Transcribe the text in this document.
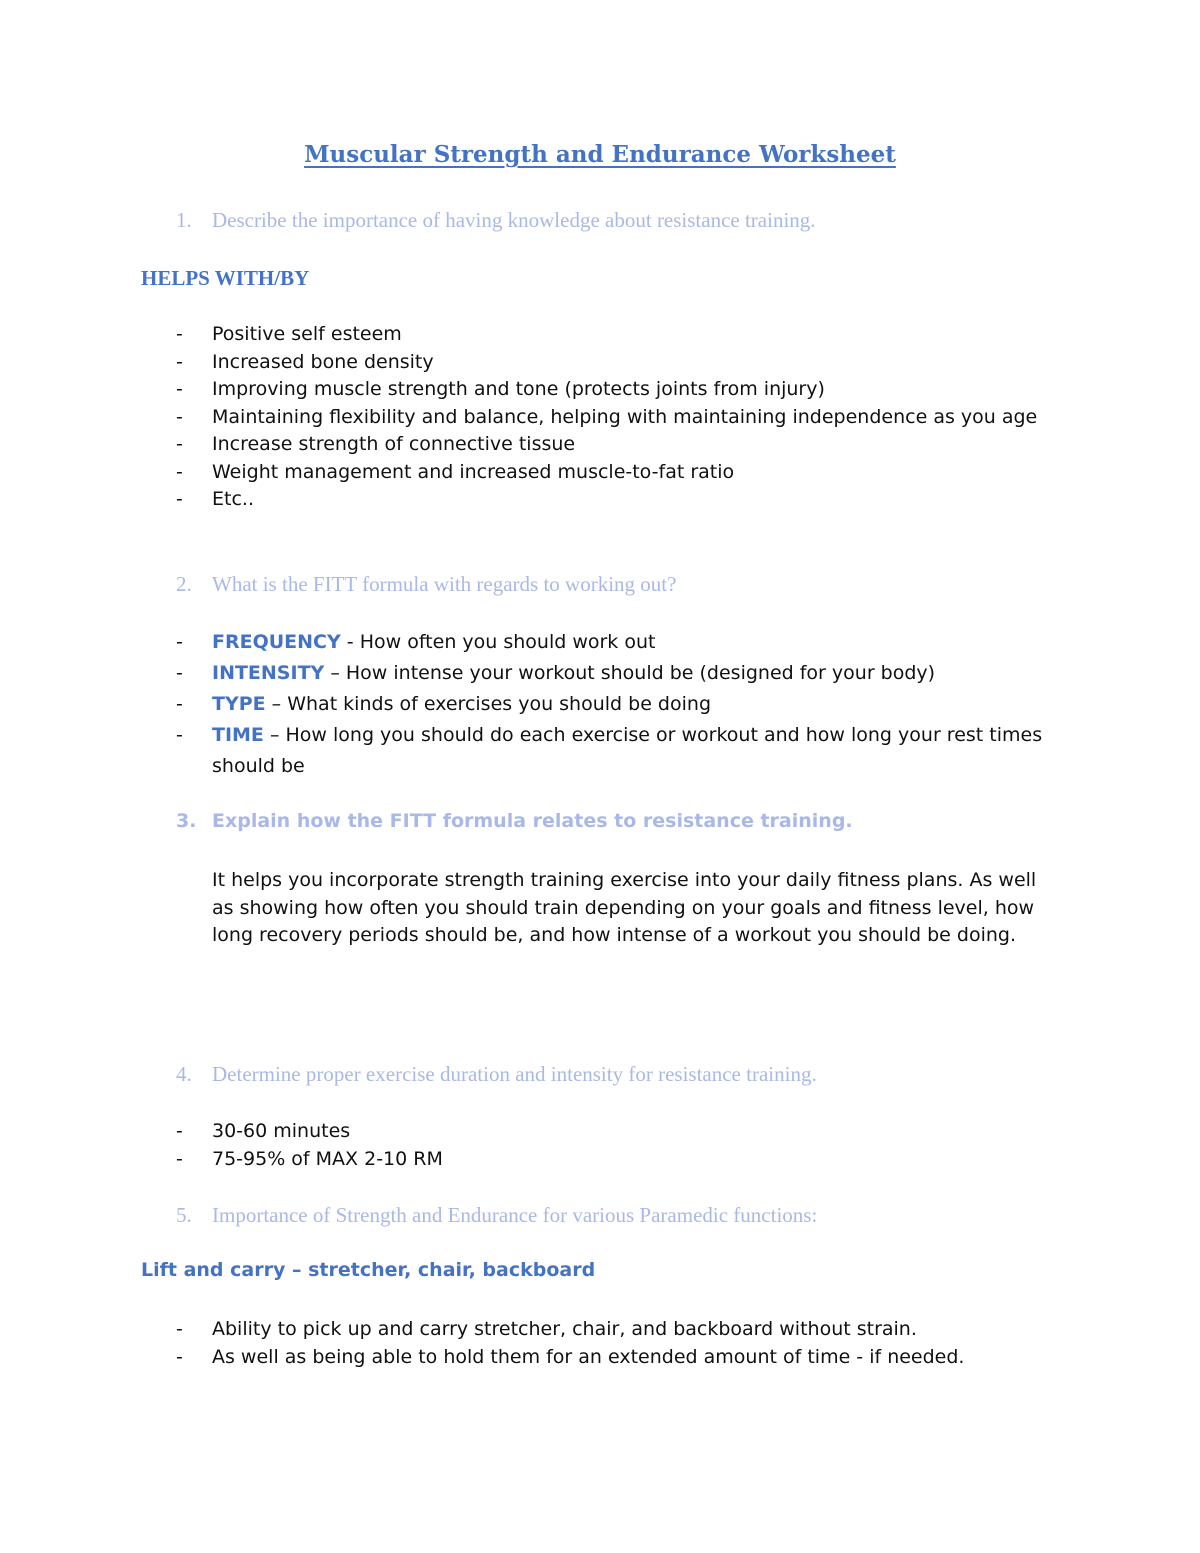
Muscular Strength and Endurance Worksheet
1. Describe the importance of having knowledge about resistance training.
HELPS WITH/BY
- Positive self esteem
- Increased bone density
- Improving muscle strength and tone (protects joints from injury)
- Maintaining flexibility and balance, helping with maintaining independence as you age
- Increase strength of connective tissue
- Weight management and increased muscle-to-fat ratio
- Etc..
2. What is the FITT formula with regards to working out?
- FREQUENCY - How often you should work out
- INTENSITY – How intense your workout should be (designed for your body)
- TYPE – What kinds of exercises you should be doing
- TIME – How long you should do each exercise or workout and how long your rest times should be
3. Explain how the FITT formula relates to resistance training.
It helps you incorporate strength training exercise into your daily fitness plans. As well as showing how often you should train depending on your goals and fitness level, how long recovery periods should be, and how intense of a workout you should be doing.
4. Determine proper exercise duration and intensity for resistance training.
- 30-60 minutes
- 75-95% of MAX 2-10 RM
5. Importance of Strength and Endurance for various Paramedic functions:
Lift and carry – stretcher, chair, backboard
- Ability to pick up and carry stretcher, chair, and backboard without strain.
- As well as being able to hold them for an extended amount of time - if needed.
